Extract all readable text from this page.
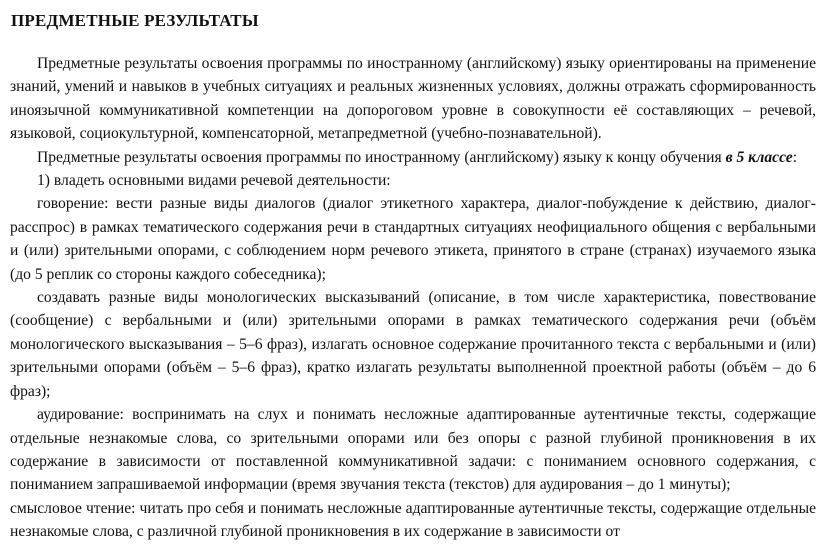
ПРЕДМЕТНЫЕ РЕЗУЛЬТАТЫ

Предметные результаты освоения программы по иностранному (английскому) языку ориентированы на применение знаний, умений и навыков в учебных ситуациях и реальных жизненных условиях, должны отражать сформированность иноязычной коммуникативной компетенции на допороговом уровне в совокупности её составляющих – речевой, языковой, социокультурной, компенсаторной, метапредметной (учебно-познавательной).

Предметные результаты освоения программы по иностранному (английскому) языку к концу обучения в 5 классе:

1) владеть основными видами речевой деятельности:

говорение: вести разные виды диалогов (диалог этикетного характера, диалог-побуждение к действию, диалог-расспрос) в рамках тематического содержания речи в стандартных ситуациях неофициального общения с вербальными и (или) зрительными опорами, с соблюдением норм речевого этикета, принятого в стране (странах) изучаемого языка (до 5 реплик со стороны каждого собеседника);

создавать разные виды монологических высказываний (описание, в том числе характеристика, повествование (сообщение) с вербальными и (или) зрительными опорами в рамках тематического содержания речи (объём монологического высказывания – 5–6 фраз), излагать основное содержание прочитанного текста с вербальными и (или) зрительными опорами (объём – 5–6 фраз), кратко излагать результаты выполненной проектной работы (объём – до 6 фраз);

аудирование: воспринимать на слух и понимать несложные адаптированные аутентичные тексты, содержащие отдельные незнакомые слова, со зрительными опорами или без опоры с разной глубиной проникновения в их содержание в зависимости от поставленной коммуникативной задачи: с пониманием основного содержания, с пониманием запрашиваемой информации (время звучания текста (текстов) для аудирования – до 1 минуты);

смысловое чтение: читать про себя и понимать несложные адаптированные аутентичные тексты, содержащие отдельные незнакомые слова, с различной глубиной проникновения в их содержание в зависимости от
